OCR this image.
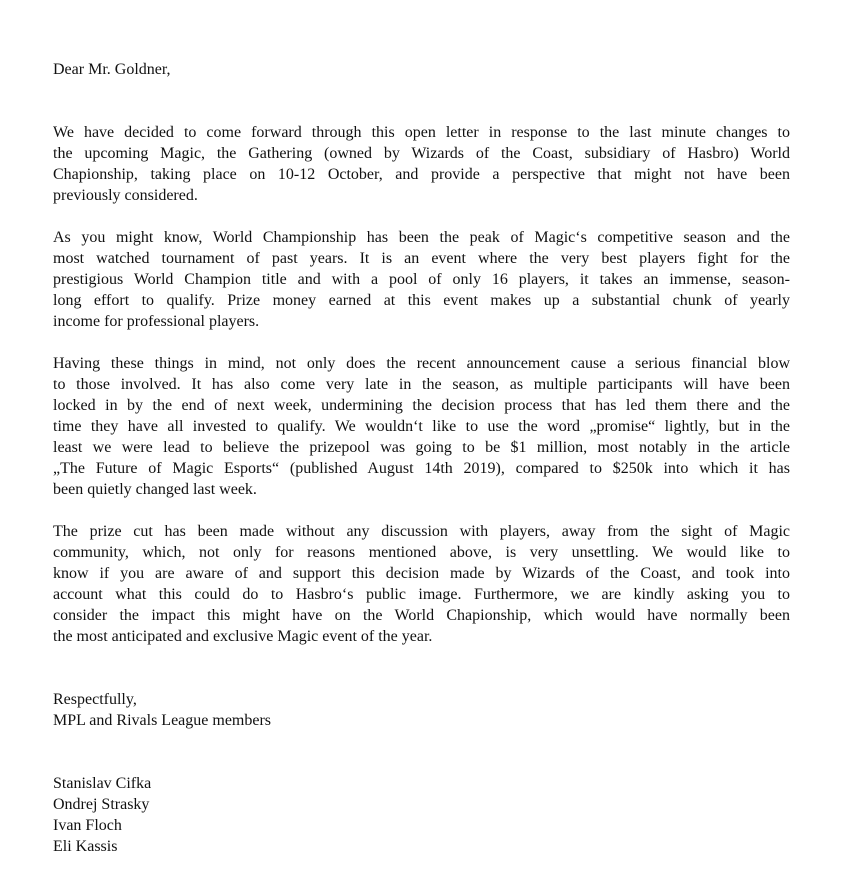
Dear Mr. Goldner,
We have decided to come forward through this open letter in response to the last minute changes to
the upcoming Magic, the Gathering (owned by Wizards of the Coast, subsidiary of Hasbro) World
Chapionship, taking place on 10-12 October, and provide a perspective that might not have been
previously considered.
As you might know, World Championship has been the peak of Magic‘s competitive season and the
most watched tournament of past years. It is an event where the very best players fight for the
prestigious World Champion title and with a pool of only 16 players, it takes an immense, season-
long effort to qualify. Prize money earned at this event makes up a substantial chunk of yearly
income for professional players.
Having these things in mind, not only does the recent announcement cause a serious financial blow
to those involved. It has also come very late in the season, as multiple participants will have been
locked in by the end of next week, undermining the decision process that has led them there and the
time they have all invested to qualify. We wouldn‘t like to use the word „promise“ lightly, but in the
least we were lead to believe the prizepool was going to be $1 million, most notably in the article
„The Future of Magic Esports“ (published August 14th 2019), compared to $250k into which it has
been quietly changed last week.
The prize cut has been made without any discussion with players, away from the sight of Magic
community, which, not only for reasons mentioned above, is very unsettling. We would like to
know if you are aware of and support this decision made by Wizards of the Coast, and took into
account what this could do to Hasbro‘s public image. Furthermore, we are kindly asking you to
consider the impact this might have on the World Chapionship, which would have normally been
the most anticipated and exclusive Magic event of the year.
Respectfully,
MPL and Rivals League members
Stanislav Cifka
Ondrej Strasky
Ivan Floch
Eli Kassis
